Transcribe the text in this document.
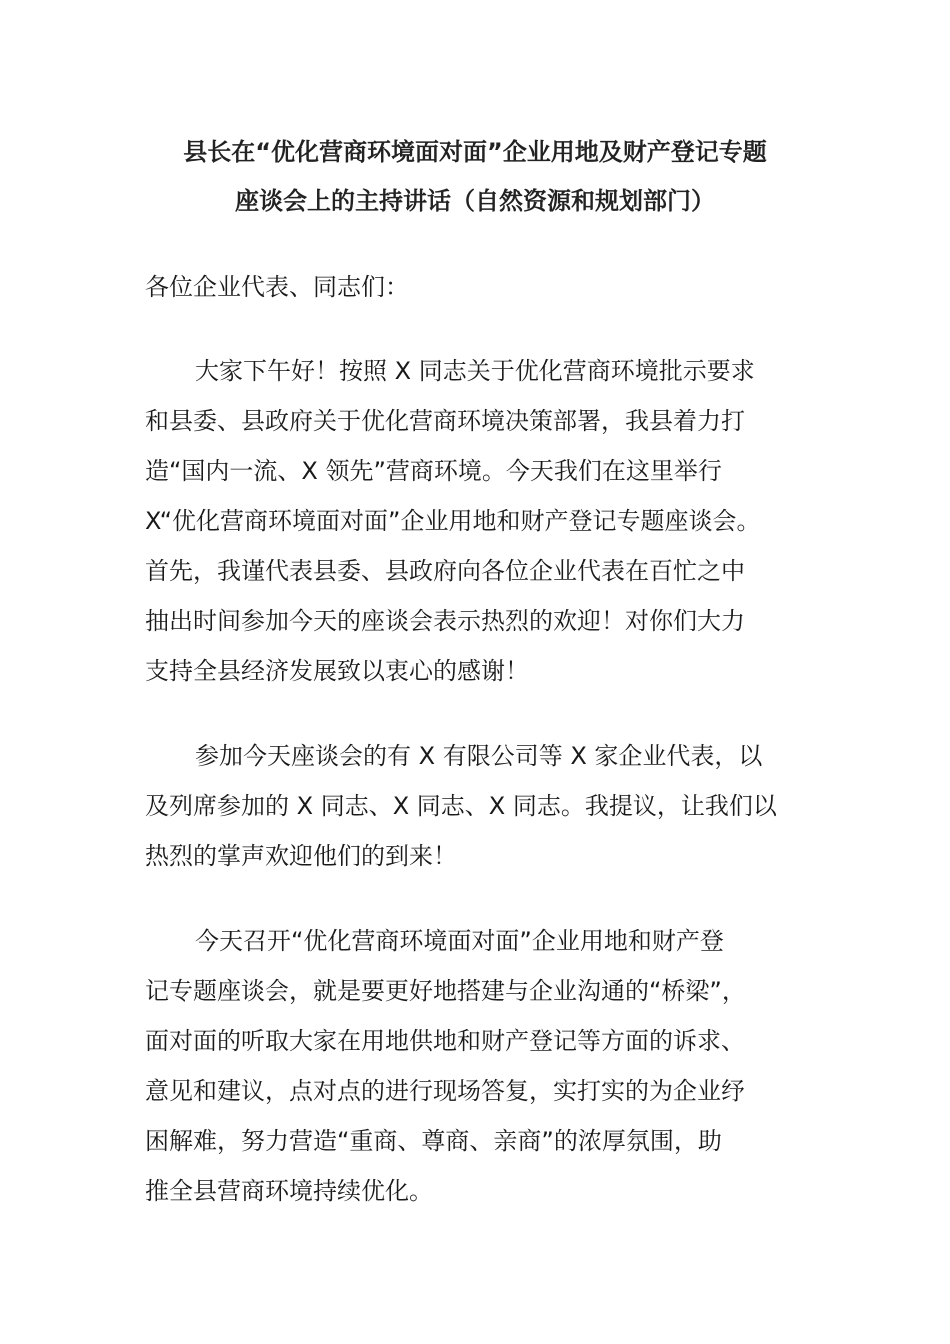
县长在“优化营商环境面对面”企业用地及财产登记专题
座谈会上的主持讲话（自然资源和规划部门）
各位企业代表、同志们：
大家下午好！按照 X 同志关于优化营商环境批示要求
和县委、县政府关于优化营商环境决策部署，我县着力打
造“国内一流、X 领先”营商环境。今天我们在这里举行
X“优化营商环境面对面”企业用地和财产登记专题座谈会。
首先，我谨代表县委、县政府向各位企业代表在百忙之中
抽出时间参加今天的座谈会表示热烈的欢迎！对你们大力
支持全县经济发展致以衷心的感谢！
参加今天座谈会的有 X 有限公司等 X 家企业代表，以
及列席参加的 X 同志、X 同志、X 同志。我提议，让我们以
热烈的掌声欢迎他们的到来！
今天召开“优化营商环境面对面”企业用地和财产登
记专题座谈会，就是要更好地搭建与企业沟通的“桥梁”，
面对面的听取大家在用地供地和财产登记等方面的诉求、
意见和建议，点对点的进行现场答复，实打实的为企业纾
困解难，努力营造“重商、尊商、亲商”的浓厚氛围，助
推全县营商环境持续优化。
